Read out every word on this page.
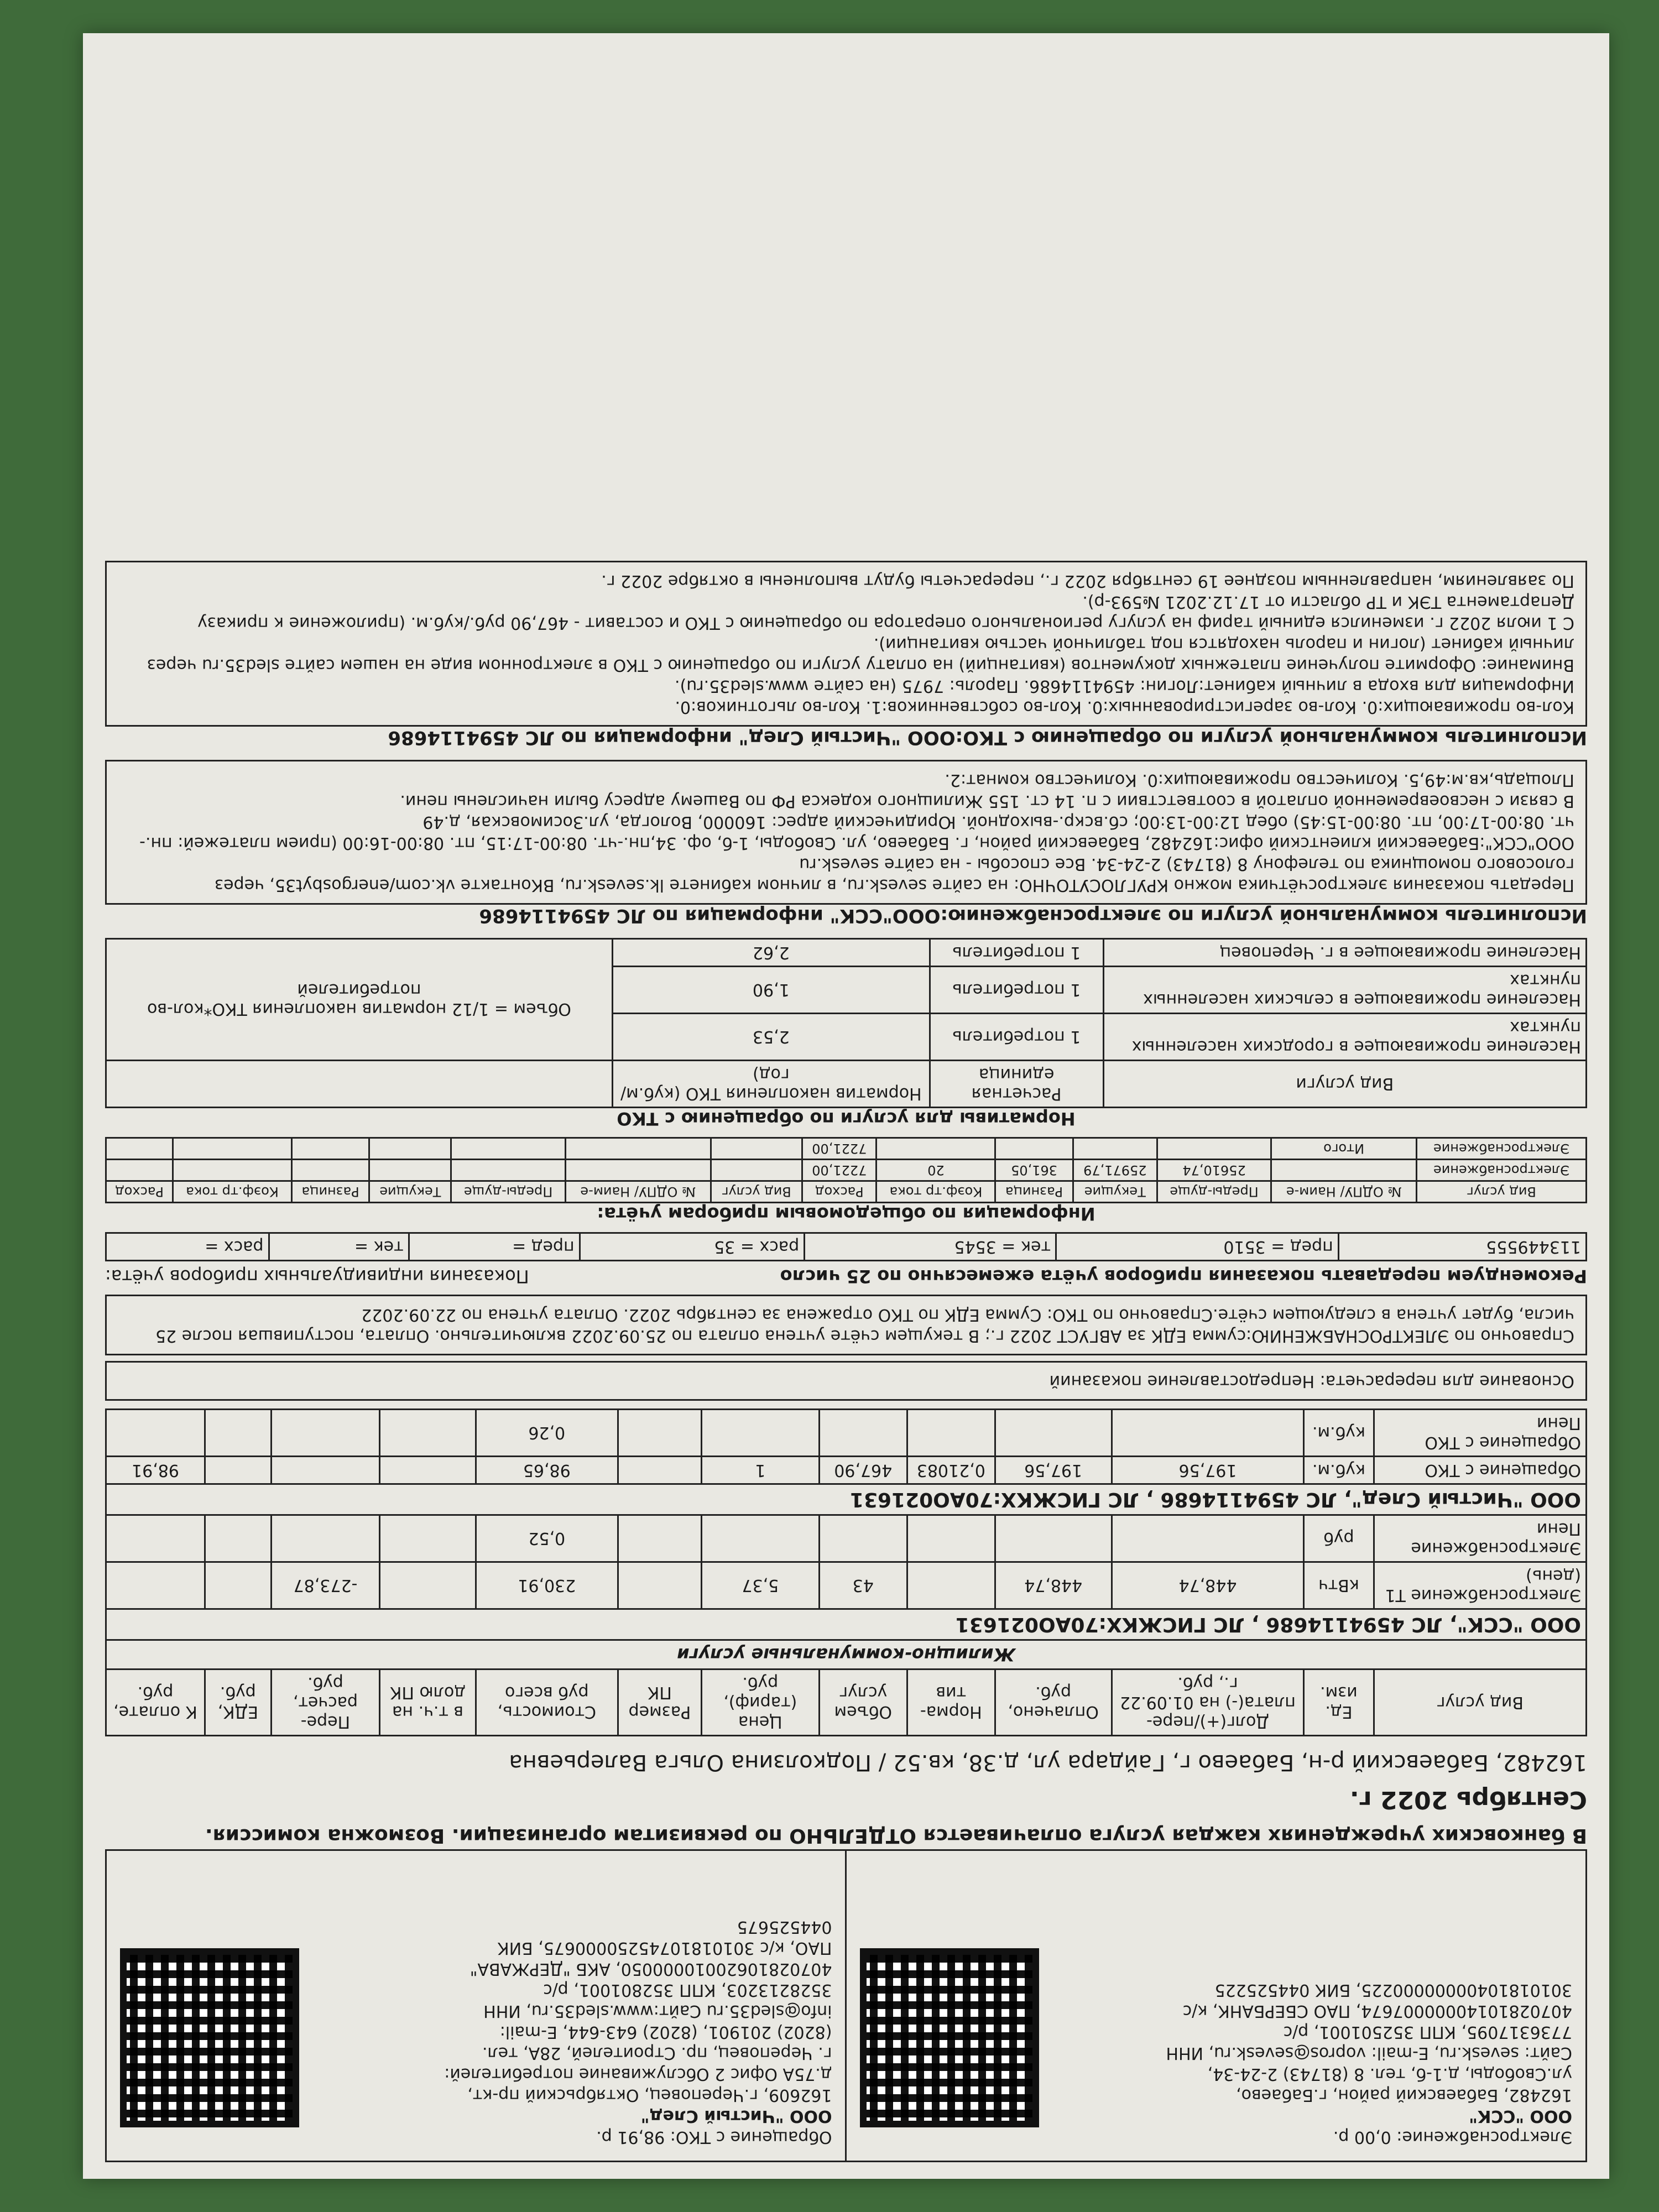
Электроснабжение: 0,00 р.
ООО "ССК"
162482, Бабаевский район, г.Бабаево,
ул.Свободы, д.1-б, тел. 8 (81743) 2-24-34,
Сайт: sevesk.ru, E-mail: vopros@sevesk.ru, ИНН
7736317095, КПП 352501001, р/с
40702810140000007674, ПАО СБЕРБАНК, к/с
30101810400000000225, БИК 044525225
Обращение с ТКО: 98,91 р.
ООО "Чистый След"
162609, г.Череповец, Октябрьский пр-кт,
д.75А Офис 2 Обслуживание потребителей:
г. Череповец, пр. Строителей, 28А, тел.
(8202) 201901, (8202) 643-644, E-mail:
info@sled35.ru Сайт:www.sled35.ru, ИНН
3528213203, КПП 352801001, р/с
40702810620010000050, АКБ "ДЕРЖАВА"
ПАО, к/с 30101810745250000675, БИК
044525675
В банковских учреждениях каждая услуга оплачивается ОТДЕЛЬНО по реквизитам организации. Возможна комиссия.
Сентябрь 2022 г.
162482, Бабаевский р-н, Бабаево г, Гайдара ул, д.38, кв.52 / Подколзина Ольга Валерьевна
Вид услуг	Ед. изм.	Долг(+)/пере-плата(-) на 01.09.22 г., руб.	Оплачено, руб.	Норма-тив	Объем услуг	Цена (тариф), руб.	Размер ПК	Стоимость, руб всего	в т.ч. на долю ПК	Пере-расчет, руб.	ЕДК, руб.	К оплате, руб.
Жилищно-коммунальные услуги												
ООО "ССК", ЛС 4594114686 , ЛС ГИСЖКХ:70АО021631												
Электроснабжение T1 (день)	кВтч	448,74	448,74		43	5,37		230,91		-273,87		
Электроснабжение Пени	руб							0,52				
ООО "Чистый След", ЛС 4594114686 , ЛС ГИСЖКХ:70АО021631												
Обращение с ТКО	куб.м.	197,56	197,56	0,21083	467,90	1		98,65				98,91
Обращение с ТКО Пени	куб.м.							0,26				
Основание для перерасчета: Непредоставление показаний
Справочно по ЭЛЕКТРОСНАБЖЕНИЮ:сумма ЕДК за АВГУСТ 2022 г.; В текущем счёте учтена оплата по 25.09.2022 включительно. Оплата, поступившая после 25 числа, будет учтена в следующем счёте.Справочно по ТКО: Сумма ЕДК по ТКО отражена за сентябрь 2022. Оплата учтена по 22.09.2022
Рекомендуем передавать показания приборов учёта ежемесячно по 25 число
Показания индивидуальных приборов учёта:
113449555	пред = 3510	тек = 3545	расх = 35	пред =	тек =	расх =
Информация по общедомовым приборам учёта:
Вид услуг	№ ОДПУ/ Наим-е	Преды-дуще	Текущие	Разница	Коэф.тр тока	Расход	Вид услуг	№ ОДПУ/ Наим-е	Преды-дуще	Текущие	Разница	Коэф.тр тока	Расход
Электроснабжение		25610,74	25971,79	361,05	20	7221,00							
Электроснабжение	Итого					7221,00							
Нормативы для услуги по обращению с ТКО
Вид услуги	Расчетная единица	Норматив накопления ТКО (куб.м/год)	
Население проживающее в городских населенных пунктах	1 потребитель	2,53	Объем = 1/12 норматив накопления ТКО*кол-во потребителей
Население проживающее в сельских населенных пунктах	1 потребитель	1,90	
Население проживающее в г. Череповец	1 потребитель	2,62	
Исполнитель коммунальной услуги по электроснабжению:ООО"ССК" информация по ЛС 4594114686
Передать показания электросчётчика можно КРУГЛОСУТОЧНО: на сайте sevesk.ru, в личном кабинете lk.sevesk.ru, ВКонтакте vk.com/energosbyt35, через голосового помощника по телефону 8 (81743) 2-24-34. Все способы - на сайте sevesk.ru
ООО"ССК":Бабаевский клиентский офис:162482, Бабаевский район, г. Бабаево, ул. Свободы, 1-б, оф. 34,пн.-чт. 08:00-17:15, пт. 08:00-16:00 (прием платежей: пн.-чт. 08:00-17:00, пт. 08:00-15:45) обед 12:00-13:00; сб.вскр.-выходной. Юридический адрес: 160000, Вологда, ул.Зосимовская, д.49
В связи с несвоевременной оплатой в соответствии с п. 14 ст. 155 Жилищного кодекса РФ по Вашему адресу были начислены пени.
Площадь,кв.м:49,5. Количество проживающих:0. Количество комнат:2.
Исполнитель коммунальной услуги по обращению с ТКО:ООО "Чистый След" информация по ЛС 4594114686
Кол-во проживающих:0. Кол-во зарегистрированных:0. Кол-во собственников:1. Кол-во льготников:0.
Информация для входа в личный кабинет:Логин: 4594114686. Пароль: 7975 (на сайте www.sled35.ru).
Внимание: Оформите получение платежных документов (квитанций) на оплату услуги по обращению с ТКО в электронном виде на нашем сайте sled35.ru через личный кабинет (логин и пароль находятся под табличной частью квитанции).
С 1 июля 2022 г. изменился единый тариф на услугу регионального оператора по обращению с ТКО и составит - 467,90 руб./куб.м. (приложение к приказу Департамента ТЭК и ТР области от 17.12.2021 №593-р).
По заявлениям, направленным позднее 19 сентября 2022 г., перерасчеты будут выполнены в октябре 2022 г.
